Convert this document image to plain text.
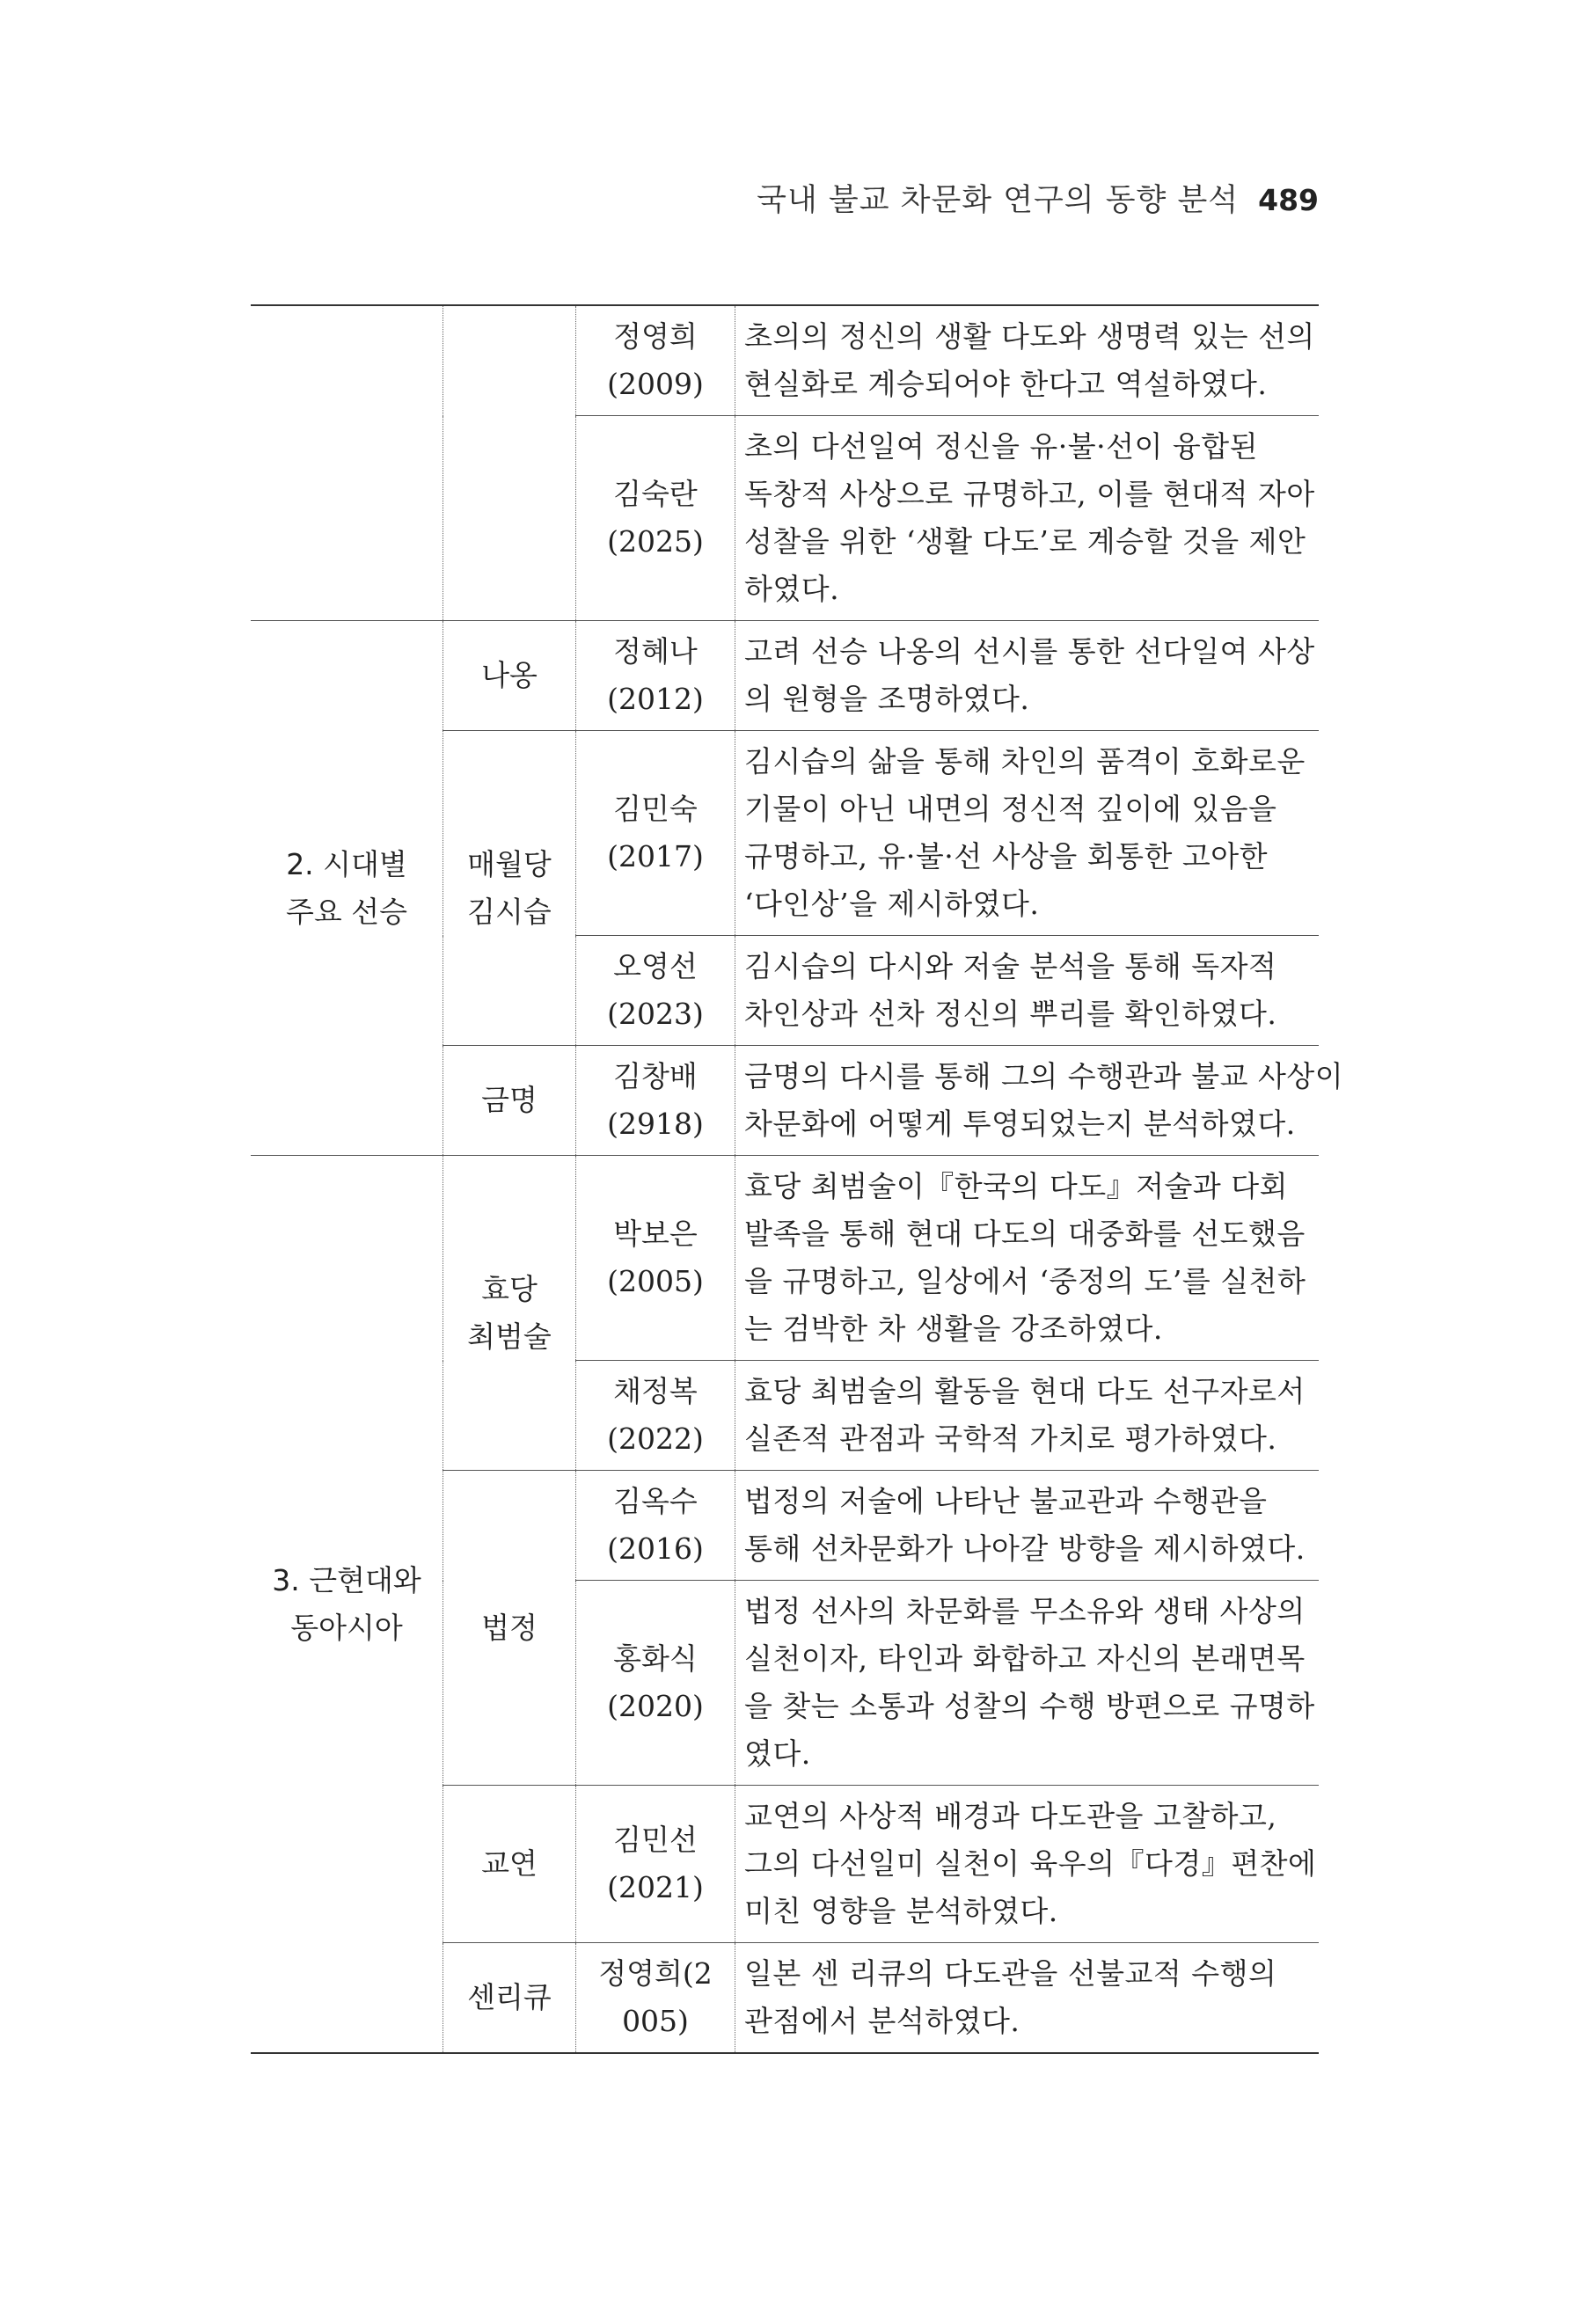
국내 불교 차문화 연구의 동향 분석 489

		정영희
(2009)	초의의 정신의 생활 다도와 생명력 있는 선의
현실화로 계승되어야 한다고 역설하였다.

		김숙란
(2025)	초의 다선일여 정신을 유·불·선이 융합된
독창적 사상으로 규명하고, 이를 현대적 자아
성찰을 위한 ‘생활 다도’로 계승할 것을 제안
하였다.

2. 시대별
주요 선승	나옹	정혜나
(2012)	고려 선승 나옹의 선시를 통한 선다일여 사상
의 원형을 조명하였다.

	매월당
김시습	김민숙
(2017)	김시습의 삶을 통해 차인의 품격이 호화로운
기물이 아닌 내면의 정신적 깊이에 있음을
규명하고, 유·불·선 사상을 회통한 고아한
‘다인상’을 제시하였다.

		오영선
(2023)	김시습의 다시와 저술 분석을 통해 독자적
차인상과 선차 정신의 뿌리를 확인하였다.

	금명	김창배
(2918)	금명의 다시를 통해 그의 수행관과 불교 사상이
차문화에 어떻게 투영되었는지 분석하였다.

3. 근현대와
동아시아	효당
최범술	박보은
(2005)	효당 최범술이『한국의 다도』저술과 다회
발족을 통해 현대 다도의 대중화를 선도했음
을 규명하고, 일상에서 ‘중정의 도’를 실천하
는 검박한 차 생활을 강조하였다.

		채정복
(2022)	효당 최범술의 활동을 현대 다도 선구자로서
실존적 관점과 국학적 가치로 평가하였다.

	법정	김옥수
(2016)	법정의 저술에 나타난 불교관과 수행관을
통해 선차문화가 나아갈 방향을 제시하였다.

		홍화식
(2020)	법정 선사의 차문화를 무소유와 생태 사상의
실천이자, 타인과 화합하고 자신의 본래면목
을 찾는 소통과 성찰의 수행 방편으로 규명하
였다.

	교연	김민선
(2021)	교연의 사상적 배경과 다도관을 고찰하고,
그의 다선일미 실천이 육우의『다경』편찬에
미친 영향을 분석하였다.

	센리큐	정영희(2
005)	일본 센 리큐의 다도관을 선불교적 수행의
관점에서 분석하였다.
